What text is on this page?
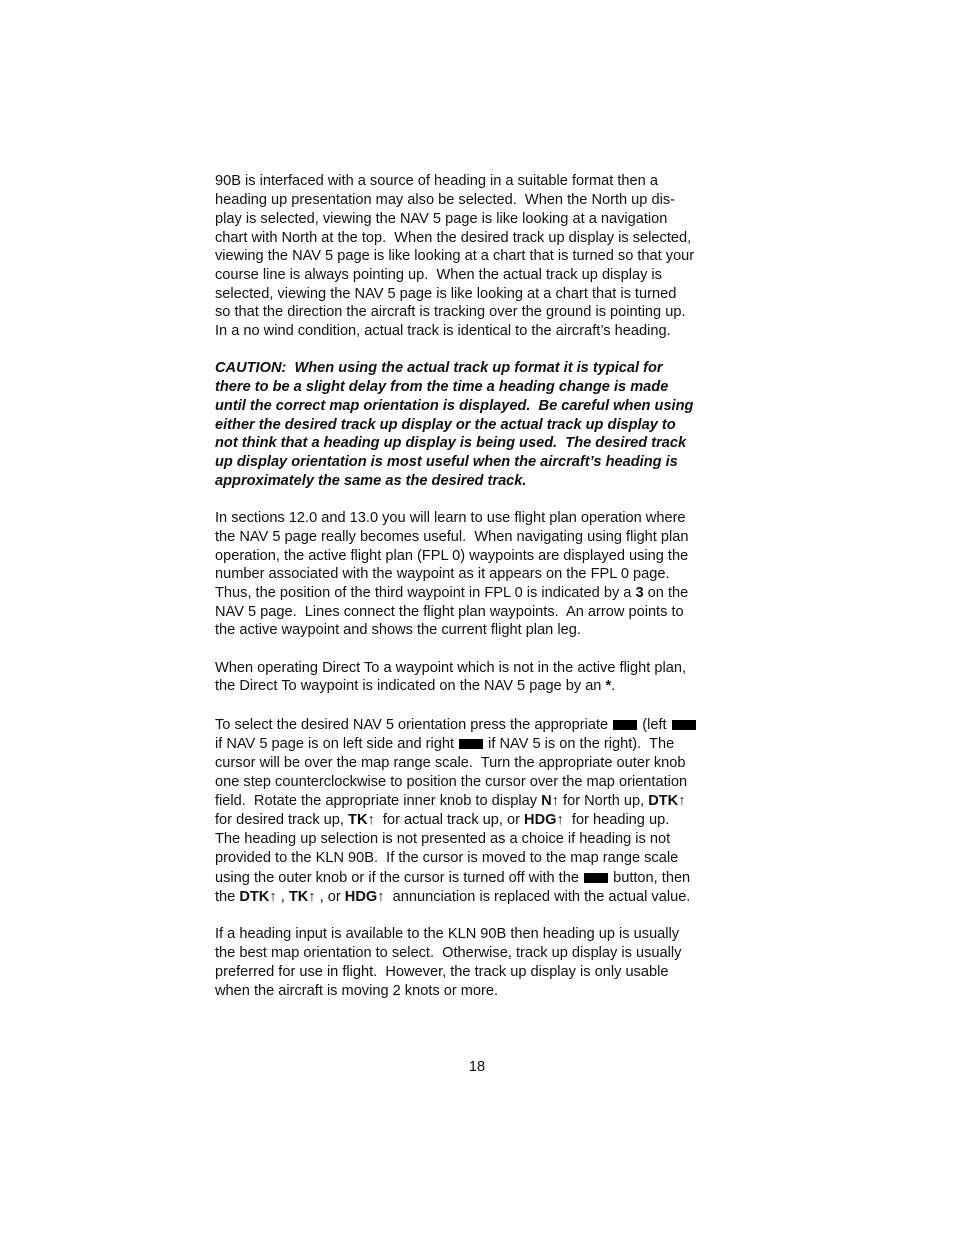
90B is interfaced with a source of heading in a suitable format then a
heading up presentation may also be selected.  When the North up dis-
play is selected, viewing the NAV 5 page is like looking at a navigation
chart with North at the top.  When the desired track up display is selected,
viewing the NAV 5 page is like looking at a chart that is turned so that your
course line is always pointing up.  When the actual track up display is
selected, viewing the NAV 5 page is like looking at a chart that is turned
so that the direction the aircraft is tracking over the ground is pointing up.
In a no wind condition, actual track is identical to the aircraft’s heading.
CAUTION:  When using the actual track up format it is typical for
there to be a slight delay from the time a heading change is made
until the correct map orientation is displayed.  Be careful when using
either the desired track up display or the actual track up display to
not think that a heading up display is being used.  The desired track
up display orientation is most useful when the aircraft’s heading is
approximately the same as the desired track.
In sections 12.0 and 13.0 you will learn to use flight plan operation where
the NAV 5 page really becomes useful.  When navigating using flight plan
operation, the active flight plan (FPL 0) waypoints are displayed using the
number associated with the waypoint as it appears on the FPL 0 page.
Thus, the position of the third waypoint in FPL 0 is indicated by a 3 on the
NAV 5 page.  Lines connect the flight plan waypoints.  An arrow points to
the active waypoint and shows the current flight plan leg.
When operating Direct To a waypoint which is not in the active flight plan,
the Direct To waypoint is indicated on the NAV 5 page by an *.
To select the desired NAV 5 orientation press the appropriate  (left
if NAV 5 page is on left side and right  if NAV 5 is on the right).  The
cursor will be over the map range scale.  Turn the appropriate outer knob
one step counterclockwise to position the cursor over the map orientation
field.  Rotate the appropriate inner knob to display N↑ for North up, DTK↑
for desired track up, TK↑  for actual track up, or HDG↑  for heading up.
The heading up selection is not presented as a choice if heading is not
provided to the KLN 90B.  If the cursor is moved to the map range scale
using the outer knob or if the cursor is turned off with the  button, then
the DTK↑ , TK↑ , or HDG↑  annunciation is replaced with the actual value.
If a heading input is available to the KLN 90B then heading up is usually
the best map orientation to select.  Otherwise, track up display is usually
preferred for use in flight.  However, the track up display is only usable
when the aircraft is moving 2 knots or more.
18
